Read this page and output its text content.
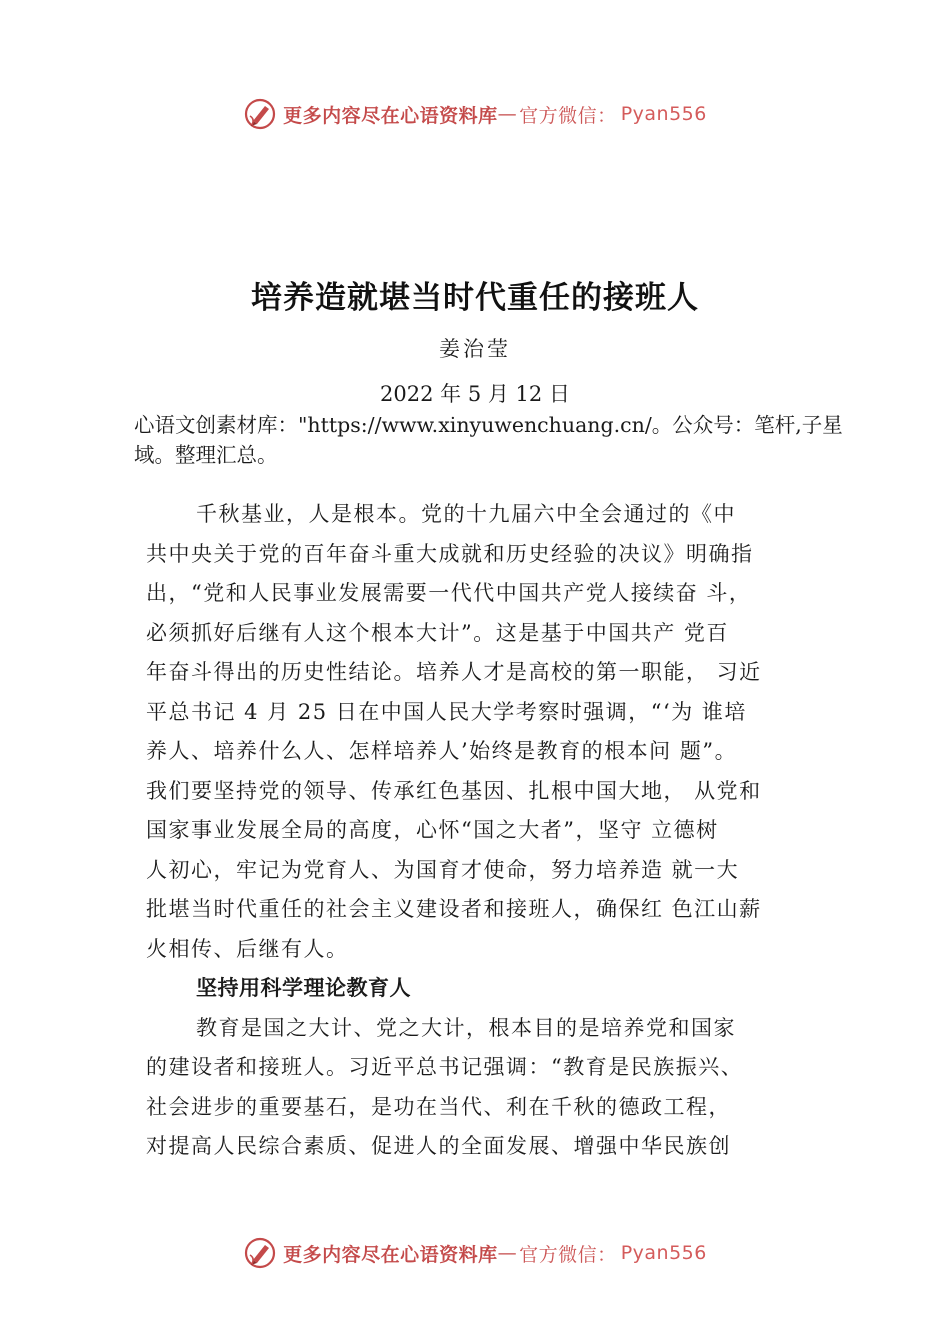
更多内容尽在心语资料库 — 官方微信： Pyan556
培养造就堪当时代重任的接班人
姜治莹
2022 年 5 月 12 日

心语文创素材库："https://www.xinyuwenchuang.cn/。公众号：笔杆,子星域。整理汇总。

千秋基业，人是根本。党的十九届六中全会通过的《中
共中央关于党的百年奋斗重大成就和历史经验的决议》明确指
出，“党和人民事业发展需要一代代中国共产党人接续奋 斗，
必须抓好后继有人这个根本大计”。这是基于中国共产 党百
年奋斗得出的历史性结论。培养人才是高校的第一职能， 习近
平总书记 4 月 25 日在中国人民大学考察时强调，“‘为 谁培
养人、培养什么人、怎样培养人’始终是教育的根本问 题”。
我们要坚持党的领导、传承红色基因、扎根中国大地， 从党和
国家事业发展全局的高度，心怀“国之大者”，坚守 立德树
人初心，牢记为党育人、为国育才使命，努力培养造 就一大
批堪当时代重任的社会主义建设者和接班人，确保红 色江山薪
火相传、后继有人。
坚持用科学理论教育人
教育是国之大计、党之大计，根本目的是培养党和国家
的建设者和接班人。习近平总书记强调：“教育是民族振兴、
社会进步的重要基石，是功在当代、利在千秋的德政工程，
对提高人民综合素质、促进人的全面发展、增强中华民族创
更多内容尽在心语资料库 — 官方微信： Pyan556
